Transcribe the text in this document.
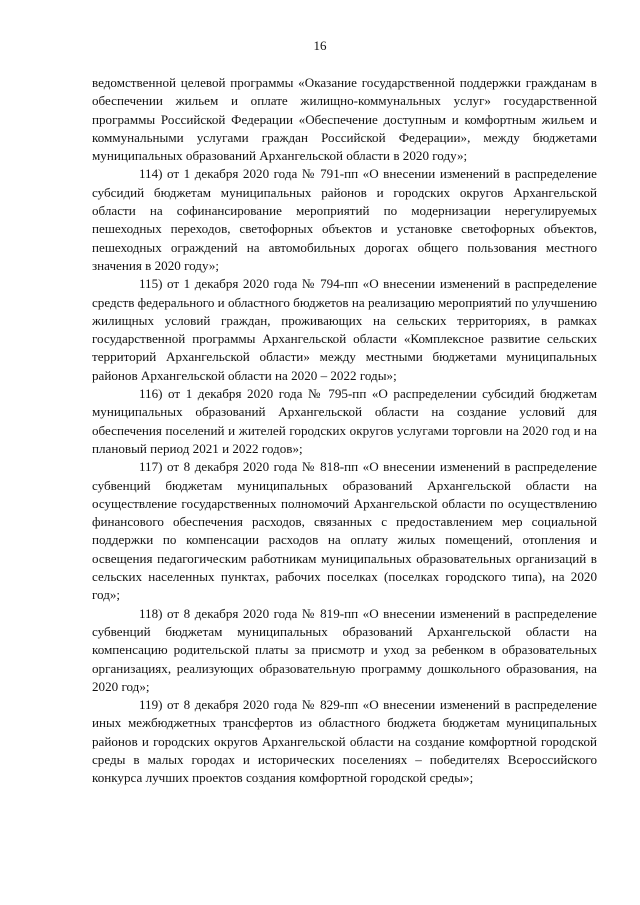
16

ведомственной целевой программы «Оказание государственной поддержки гражданам в обеспечении жильем и оплате жилищно-коммунальных услуг» государственной программы Российской Федерации «Обеспечение доступным и комфортным жильем и коммунальными услугами граждан Российской Федерации», между бюджетами муниципальных образований Архангельской области в 2020 году»;

114) от 1 декабря 2020 года № 791-пп «О внесении изменений в распределение субсидий бюджетам муниципальных районов и городских округов Архангельской области на софинансирование мероприятий по модернизации нерегулируемых пешеходных переходов, светофорных объектов и установке светофорных объектов, пешеходных ограждений на автомобильных дорогах общего пользования местного значения в 2020 году»;

115) от 1 декабря 2020 года № 794-пп «О внесении изменений в распределение средств федерального и областного бюджетов на реализацию мероприятий по улучшению жилищных условий граждан, проживающих на сельских территориях, в рамках государственной программы Архангельской области «Комплексное развитие сельских территорий Архангельской области» между местными бюджетами муниципальных районов Архангельской области на 2020 – 2022 годы»;

116) от 1 декабря 2020 года № 795-пп «О распределении субсидий бюджетам муниципальных образований Архангельской области на создание условий для обеспечения поселений и жителей городских округов услугами торговли на 2020 год и на плановый период 2021 и 2022 годов»;

117) от 8 декабря 2020 года № 818-пп «О внесении изменений в распределение субвенций бюджетам муниципальных образований Архангельской области на осуществление государственных полномочий Архангельской области по осуществлению финансового обеспечения расходов, связанных с предоставлением мер социальной поддержки по компенсации расходов на оплату жилых помещений, отопления и освещения педагогическим работникам муниципальных образовательных организаций в сельских населенных пунктах, рабочих поселках (поселках городского типа), на 2020 год»;

118) от 8 декабря 2020 года № 819-пп «О внесении изменений в распределение субвенций бюджетам муниципальных образований Архангельской области на компенсацию родительской платы за присмотр и уход за ребенком в образовательных организациях, реализующих образовательную программу дошкольного образования, на 2020 год»;

119) от 8 декабря 2020 года № 829-пп «О внесении изменений в распределение иных межбюджетных трансфертов из областного бюджета бюджетам муниципальных районов и городских округов Архангельской области на создание комфортной городской среды в малых городах и исторических поселениях – победителях Всероссийского конкурса лучших проектов создания комфортной городской среды»;
